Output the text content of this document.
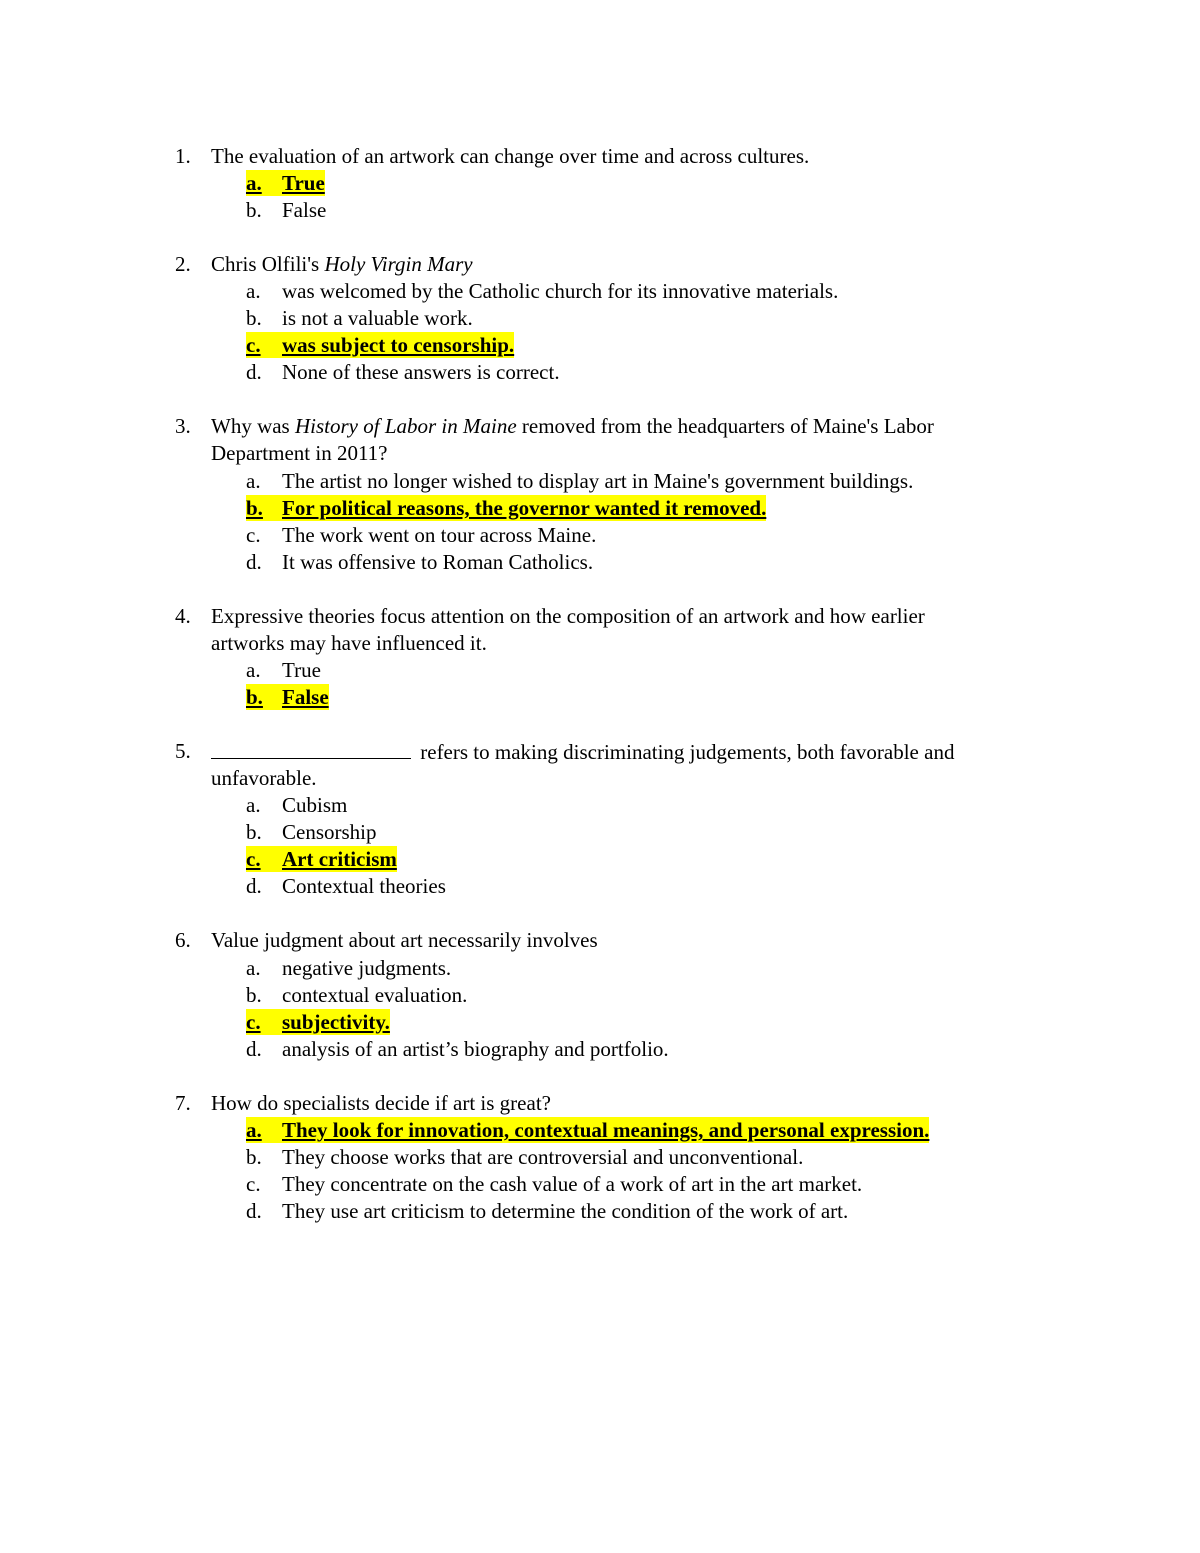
1. The evaluation of an artwork can change over time and across cultures.
a. True
b. False
2. Chris Olfili's Holy Virgin Mary
a. was welcomed by the Catholic church for its innovative materials.
b. is not a valuable work.
c.	was subject to censorship.
d. None of these answers is correct.
3. Why was History of Labor in Maine removed from the headquarters of Maine's Labor
Department in 2011?
a. The artist no longer wished to display art in Maine's government buildings.
b. For political reasons, the governor wanted it removed.
c. The work went on tour across Maine.
d. It was offensive to Roman Catholics.
4. Expressive theories focus attention on the composition of an artwork and how earlier
artworks may have influenced it.
a. True
b. False
5.	refers to making discriminating judgements, both favorable and
unfavorable.
a. Cubism
b. Censorship
c.	Art criticism
d. Contextual theories
6. Value judgment about art necessarily involves
a. negative judgments.
b. contextual evaluation.
c.	subjectivity.
d. analysis of an artist’s biography and portfolio.
7. How do specialists decide if art is great?
a. They look for innovation, contextual meanings, and personal expression.
b. They choose works that are controversial and unconventional.
c. They concentrate on the cash value of a work of art in the art market.
d. They use art criticism to determine the condition of the work of art.
